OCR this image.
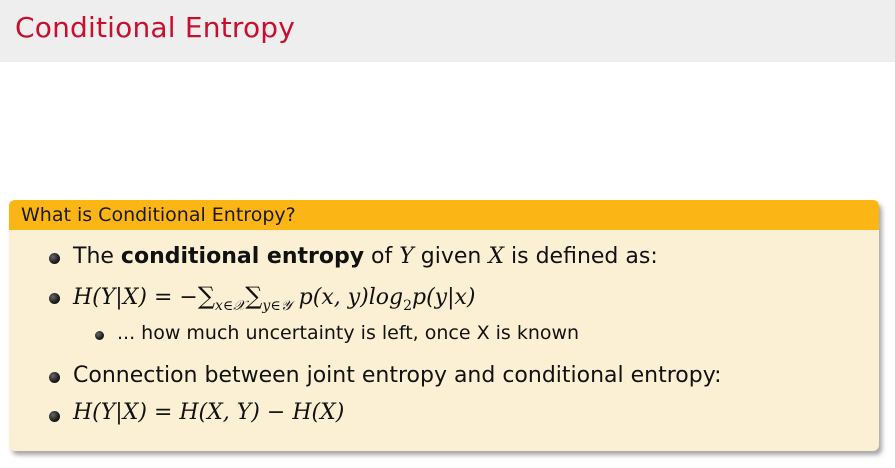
Conditional Entropy
What is Conditional Entropy?
The conditional entropy of Y given X is defined as:
$H(Y|X) = -\sum_{x\in 𝒳}\sum_{y\in 𝒴}$ p(x, $y)\log_2p(y|x)$
... how much uncertainty is left, once X is known
Connection between joint entropy and conditional entropy:
H(Y|X) = H(X, Y) − H(X)
